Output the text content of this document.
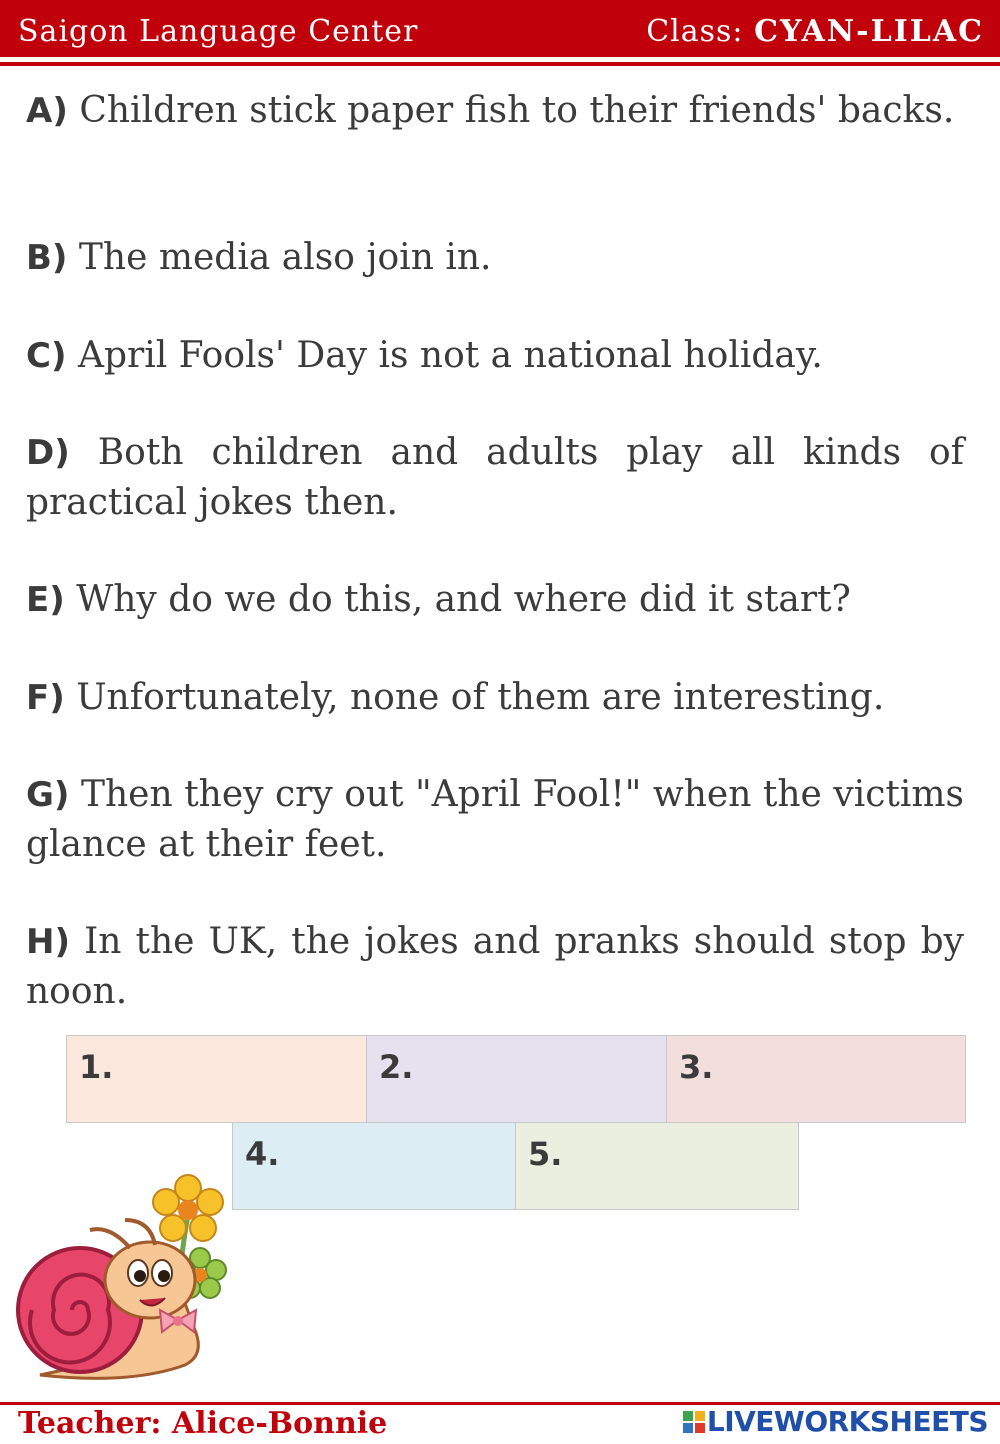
Saigon Language Center	Class: CYAN-LILAC
A) Children stick paper fish to their friends' backs.
B) The media also join in.
C) April Fools' Day is not a national holiday.
D) Both children and adults play all kinds of practical jokes then.
E) Why do we do this, and where did it start?
F) Unfortunately, none of them are interesting.
G) Then they cry out "April Fool!" when the victims glance at their feet.
H) In the UK, the jokes and pranks should stop by noon.
1.	2.	3.
4.	5.
Teacher: Alice-Bonnie	LIVEWORKSHEETS
